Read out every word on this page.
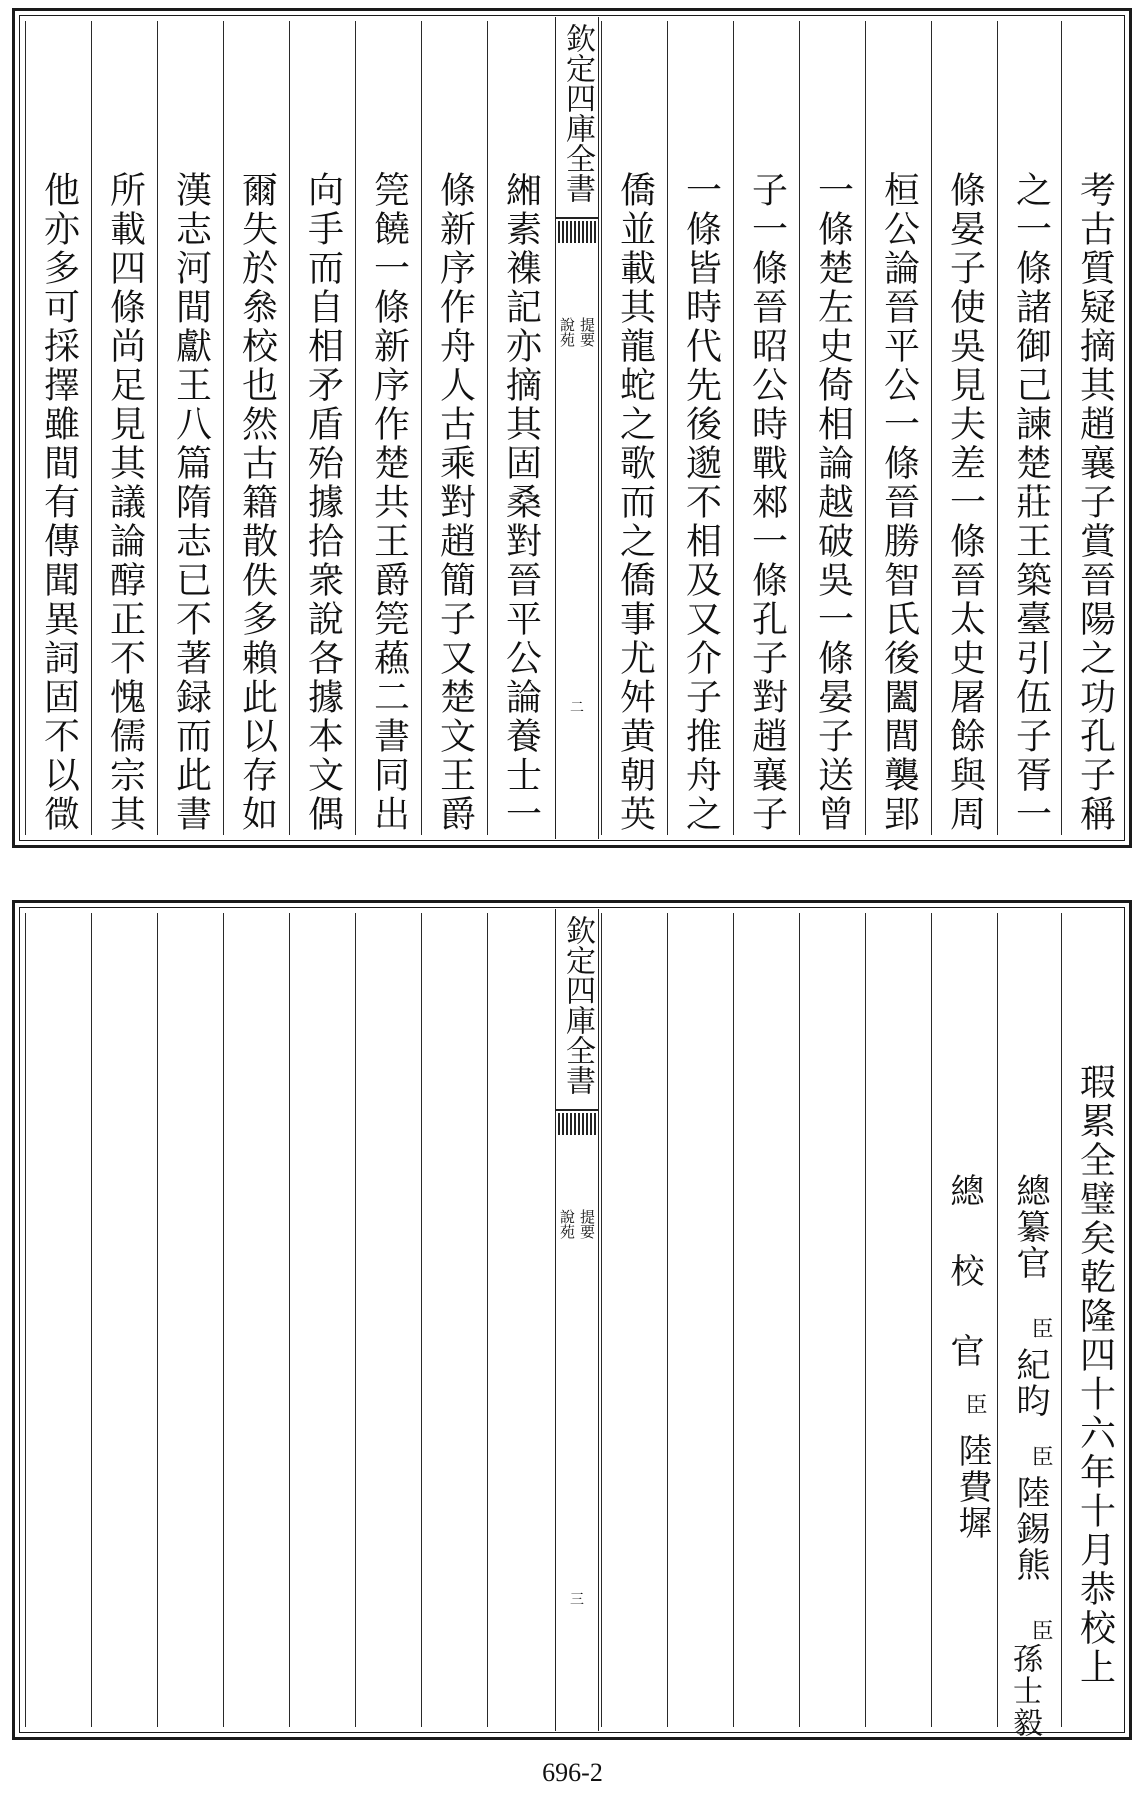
考古質疑摘其趙襄子賞晉陽之功孔子稱
之一條諸御己諫楚莊王築臺引伍子胥一
條晏子使吳見夫差一條晉太史屠餘與周
桓公論晉平公一條晉勝智氏後闔閭襲郢
一條楚左史倚相論越破吳一條晏子送曾
子一條晉昭公時戰郲一條孔子對趙襄子
一條皆時代先後邈不相及又介子推舟之
僑並載其龍蛇之歌而之僑事尤舛黄朝英
欽定四庫全書
說苑 提要
二
緗素襍記亦摘其固桑對晉平公論養士一
條新序作舟人古乘對趙簡子又楚文王爵
筦饒一條新序作楚共王爵筦蘓二書同出
向手而自相矛盾殆據拾衆說各據本文偶
爾失於叅校也然古籍散佚多賴此以存如
漢志河間獻王八篇隋志已不著録而此書
所載四條尚足見其議論醇正不愧儒宗其
他亦多可採擇雖間有傳聞異詞固不以㣲
瑕累全璧矣乾隆四十六年十月恭校上
總纂官
臣
紀昀
臣
陸錫熊
臣
孫士毅
總
校
官
臣
陸費墀
欽定四庫全書
說苑 提要
三
696-2
